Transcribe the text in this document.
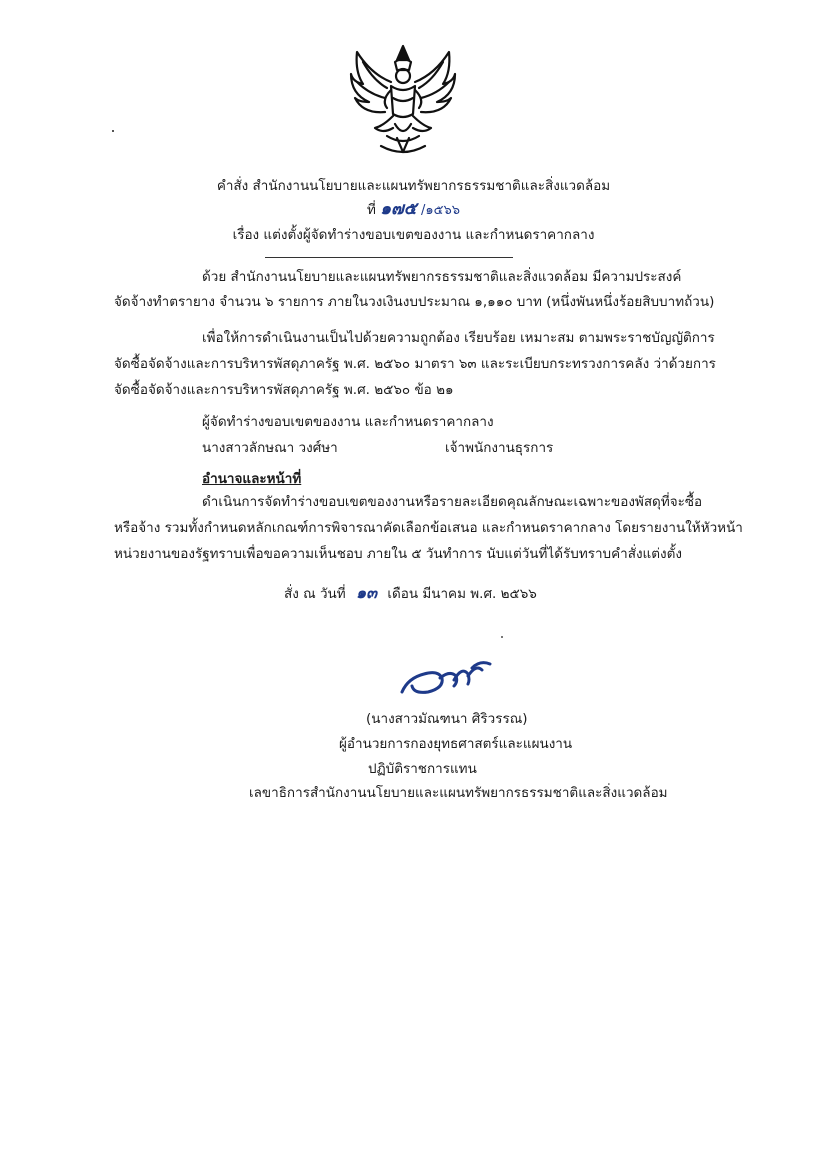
คำสั่ง สำนักงานนโยบายและแผนทรัพยากรธรรมชาติและสิ่งแวดล้อม
ที่ ๑๗๕ /๑๕๖๖
เรื่อง แต่งตั้งผู้จัดทำร่างขอบเขตของงาน และกำหนดราคากลาง
ด้วย สำนักงานนโยบายและแผนทรัพยากรธรรมชาติและสิ่งแวดล้อม มีความประสงค์
จัดจ้างทำตรายาง จำนวน ๖ รายการ ภายในวงเงินงบประมาณ ๑,๑๑๐ บาท (หนึ่งพันหนึ่งร้อยสิบบาทถ้วน)
เพื่อให้การดำเนินงานเป็นไปด้วยความถูกต้อง เรียบร้อย เหมาะสม ตามพระราชบัญญัติการ
จัดซื้อจัดจ้างและการบริหารพัสดุภาครัฐ พ.ศ. ๒๕๖๐ มาตรา ๖๓ และระเบียบกระทรวงการคลัง ว่าด้วยการ
จัดซื้อจัดจ้างและการบริหารพัสดุภาครัฐ พ.ศ. ๒๕๖๐ ข้อ ๒๑
ผู้จัดทำร่างขอบเขตของงาน และกำหนดราคากลาง
นางสาวลักษณา วงศ์ษา	เจ้าพนักงานธุรการ
อำนาจและหน้าที่
ดำเนินการจัดทำร่างขอบเขตของงานหรือรายละเอียดคุณลักษณะเฉพาะของพัสดุที่จะซื้อ
หรือจ้าง รวมทั้งกำหนดหลักเกณฑ์การพิจารณาคัดเลือกข้อเสนอ และกำหนดราคากลาง โดยรายงานให้หัวหน้า
หน่วยงานของรัฐทราบเพื่อขอความเห็นชอบ ภายใน ๕ วันทำการ นับแต่วันที่ได้รับทราบคำสั่งแต่งตั้ง
สั่ง ณ วันที่ ๑๓ เดือน มีนาคม พ.ศ. ๒๕๖๖
(นางสาวมัณฑนา ศิริวรรณ)
ผู้อำนวยการกองยุทธศาสตร์และแผนงาน
ปฏิบัติราชการแทน
เลขาธิการสำนักงานนโยบายและแผนทรัพยากรธรรมชาติและสิ่งแวดล้อม
